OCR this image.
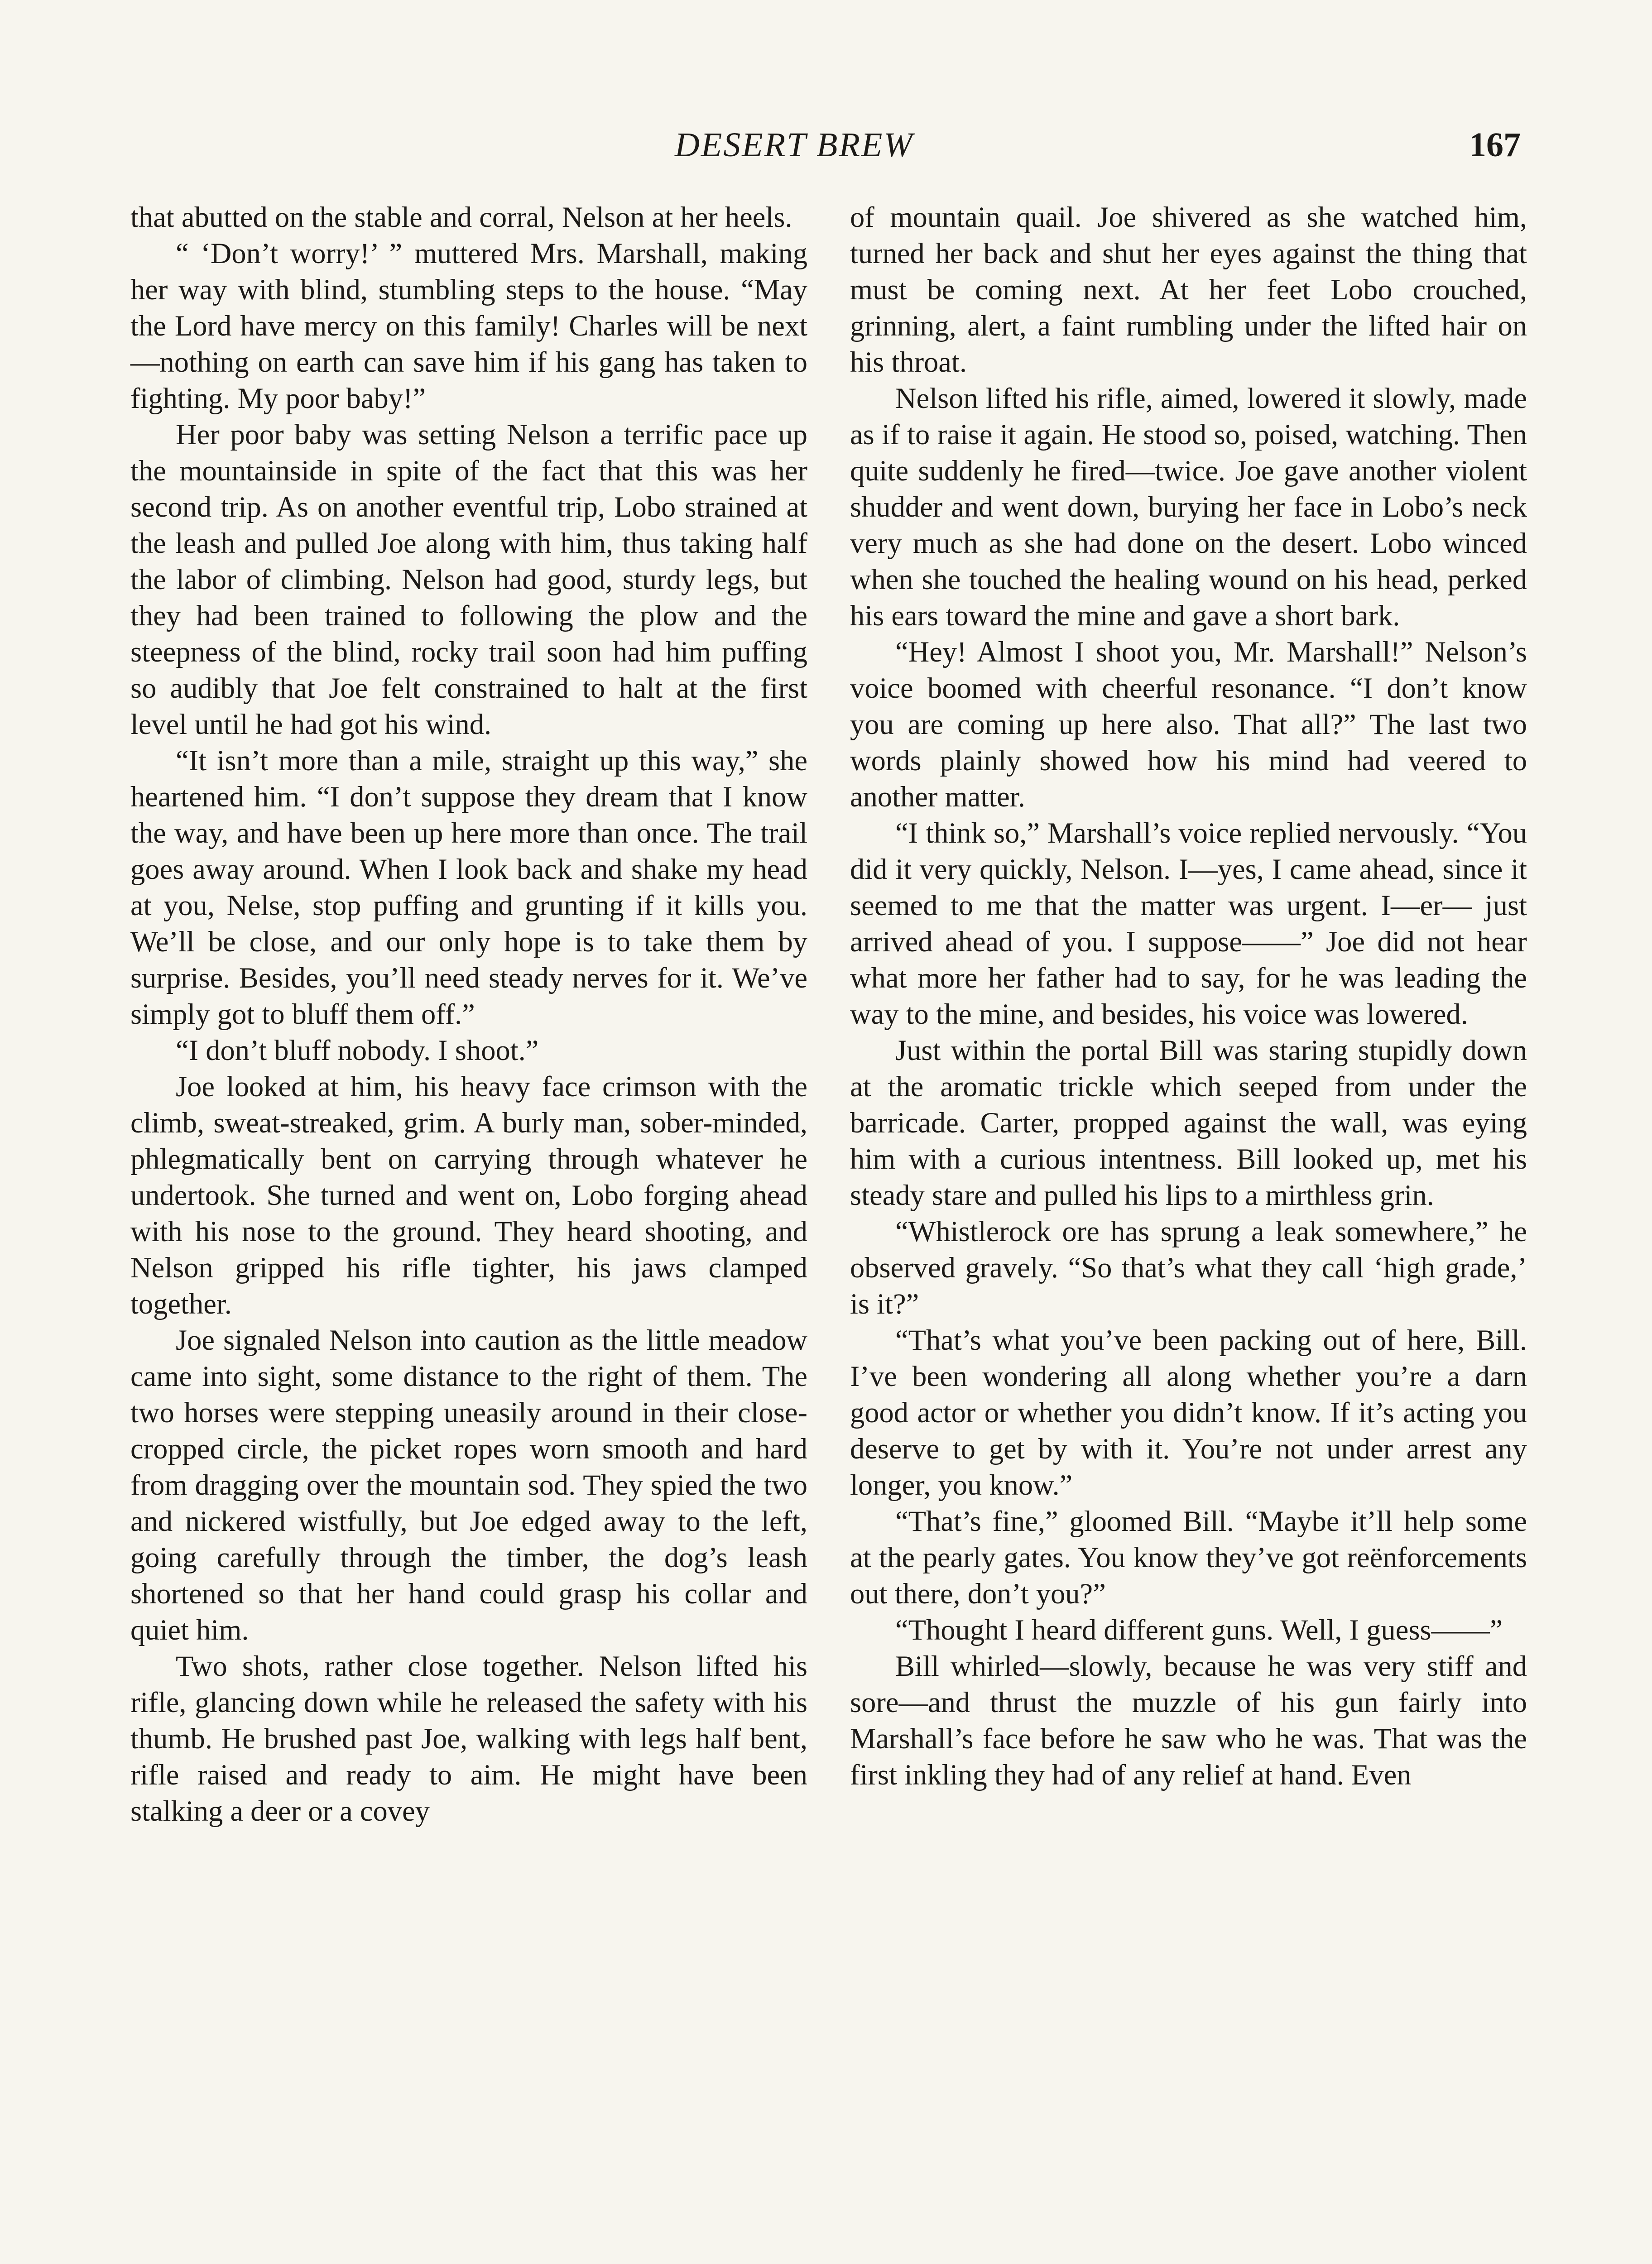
DESERT BREW	167

that abutted on the stable and corral, Nelson at her heels.

“ ‘Don’t worry!’ ” muttered Mrs. Marshall, making her way with blind, stumbling steps to the house. “May the Lord have mercy on this family! Charles will be next —nothing on earth can save him if his gang has taken to fighting. My poor baby!”

Her poor baby was setting Nelson a terrific pace up the mountainside in spite of the fact that this was her second trip. As on another eventful trip, Lobo strained at the leash and pulled Joe along with him, thus taking half the labor of climbing. Nelson had good, sturdy legs, but they had been trained to following the plow and the steepness of the blind, rocky trail soon had him puffing so audibly that Joe felt constrained to halt at the first level until he had got his wind.

“It isn’t more than a mile, straight up this way,” she heartened him. “I don’t suppose they dream that I know the way, and have been up here more than once. The trail goes away around. When I look back and shake my head at you, Nelse, stop puffing and grunting if it kills you. We’ll be close, and our only hope is to take them by surprise. Besides, you’ll need steady nerves for it. We’ve simply got to bluff them off.”

“I don’t bluff nobody. I shoot.”

Joe looked at him, his heavy face crimson with the climb, sweat-streaked, grim. A burly man, sober-minded, phlegmatically bent on carrying through whatever he undertook. She turned and went on, Lobo forging ahead with his nose to the ground. They heard shooting, and Nelson gripped his rifle tighter, his jaws clamped together.

Joe signaled Nelson into caution as the little meadow came into sight, some distance to the right of them. The two horses were stepping uneasily around in their close-cropped circle, the picket ropes worn smooth and hard from dragging over the mountain sod. They spied the two and nickered wistfully, but Joe edged away to the left, going carefully through the timber, the dog’s leash shortened so that her hand could grasp his collar and quiet him.

Two shots, rather close together. Nelson lifted his rifle, glancing down while he released the safety with his thumb. He brushed past Joe, walking with legs half bent, rifle raised and ready to aim. He might have been stalking a deer or a covey

of mountain quail. Joe shivered as she watched him, turned her back and shut her eyes against the thing that must be coming next. At her feet Lobo crouched, grinning, alert, a faint rumbling under the lifted hair on his throat.

Nelson lifted his rifle, aimed, lowered it slowly, made as if to raise it again. He stood so, poised, watching. Then quite suddenly he fired—twice. Joe gave another violent shudder and went down, burying her face in Lobo’s neck very much as she had done on the desert. Lobo winced when she touched the healing wound on his head, perked his ears toward the mine and gave a short bark.

“Hey! Almost I shoot you, Mr. Marshall!” Nelson’s voice boomed with cheerful resonance. “I don’t know you are coming up here also. That all?” The last two words plainly showed how his mind had veered to another matter.

“I think so,” Marshall’s voice replied nervously. “You did it very quickly, Nelson. I—yes, I came ahead, since it seemed to me that the matter was urgent. I—er— just arrived ahead of you. I suppose——” Joe did not hear what more her father had to say, for he was leading the way to the mine, and besides, his voice was lowered.

Just within the portal Bill was staring stupidly down at the aromatic trickle which seeped from under the barricade. Carter, propped against the wall, was eying him with a curious intentness. Bill looked up, met his steady stare and pulled his lips to a mirthless grin.

“Whistlerock ore has sprung a leak somewhere,” he observed gravely. “So that’s what they call ‘high grade,’ is it?”

“That’s what you’ve been packing out of here, Bill. I’ve been wondering all along whether you’re a darn good actor or whether you didn’t know. If it’s acting you deserve to get by with it. You’re not under arrest any longer, you know.”

“That’s fine,” gloomed Bill. “Maybe it’ll help some at the pearly gates. You know they’ve got reënforcements out there, don’t you?”

“Thought I heard different guns. Well, I guess——”

Bill whirled—slowly, because he was very stiff and sore—and thrust the muzzle of his gun fairly into Marshall’s face before he saw who he was. That was the first inkling they had of any relief at hand. Even
